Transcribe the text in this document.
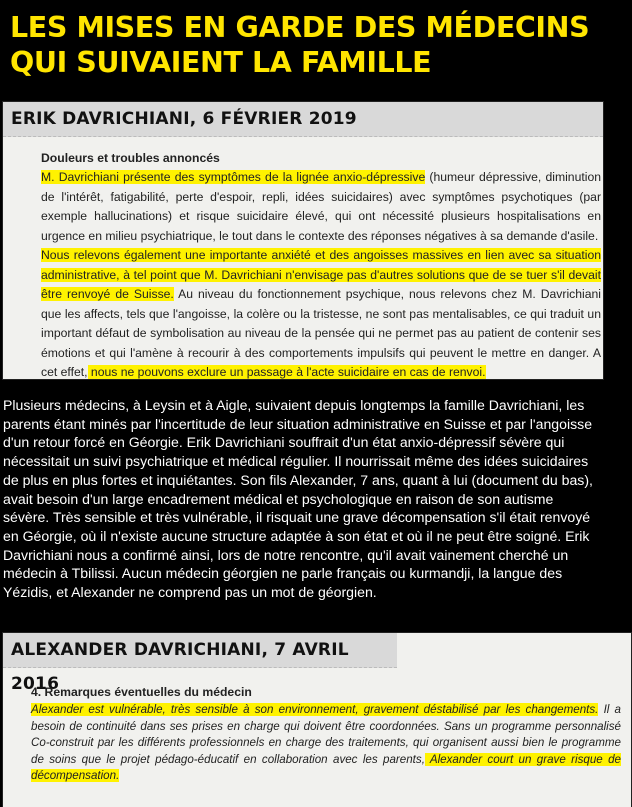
LES MISES EN GARDE DES MÉDECINS
QUI SUIVAIENT LA FAMILLE
ERIK DAVRICHIANI, 6 FÉVRIER 2019
Douleurs et troubles annoncés

M. Davrichiani présente des symptômes de la lignée anxio-dépressive (humeur dépressive, diminution de l'intérêt, fatigabilité, perte d'espoir, repli, idées suicidaires) avec symptômes psychotiques (par exemple hallucinations) et risque suicidaire élevé, qui ont nécessité plusieurs hospitalisations en urgence en milieu psychiatrique, le tout dans le contexte des réponses négatives à sa demande d'asile.

Nous relevons également une importante anxiété et des angoisses massives en lien avec sa situation administrative, à tel point que M. Davrichiani n'envisage pas d'autres solutions que de se tuer s'il devait être renvoyé de Suisse. Au niveau du fonctionnement psychique, nous relevons chez M. Davrichiani que les affects, tels que l'angoisse, la colère ou la tristesse, ne sont pas mentalisables, ce qui traduit un important défaut de symbolisation au niveau de la pensée qui ne permet pas au patient de contenir ses émotions et qui l'amène à recourir à des comportements impulsifs qui peuvent le mettre en danger. A cet effet, nous ne pouvons exclure un passage à l'acte suicidaire en cas de renvoi.

Plusieurs médecins, à Leysin et à Aigle, suivaient depuis longtemps la famille Davrichiani, les
parents étant minés par l'incertitude de leur situation administrative en Suisse et par l'angoisse
d'un retour forcé en Géorgie. Erik Davrichiani souffrait d'un état anxio-dépressif sévère qui
nécessitait un suivi psychiatrique et médical régulier. Il nourrissait même des idées suicidaires
de plus en plus fortes et inquiétantes. Son fils Alexander, 7 ans, quant à lui (document du bas),
avait besoin d'un large encadrement médical et psychologique en raison de son autisme
sévère. Très sensible et très vulnérable, il risquait une grave décompensation s'il était renvoyé
en Géorgie, où il n'existe aucune structure adaptée à son état et où il ne peut être soigné. Erik
Davrichiani nous a confirmé ainsi, lors de notre rencontre, qu'il avait vainement cherché un
médecin à Tbilissi. Aucun médecin géorgien ne parle français ou kurmandji, la langue des
Yézidis, et Alexander ne comprend pas un mot de géorgien.
ALEXANDER DAVRICHIANI, 7 AVRIL 2016
4. Remarques éventuelles du médecin

Alexander est vulnérable, très sensible à son environnement, gravement déstabilisé par les changements. Il a besoin de continuité dans ses prises en charge qui doivent être coordonnées. Sans un programme personnalisé Co-construit par les différents professionnels en charge des traitements, qui organisent aussi bien le programme de soins que le projet pédago-éducatif en collaboration avec les parents, Alexander court un grave risque de décompensation.
